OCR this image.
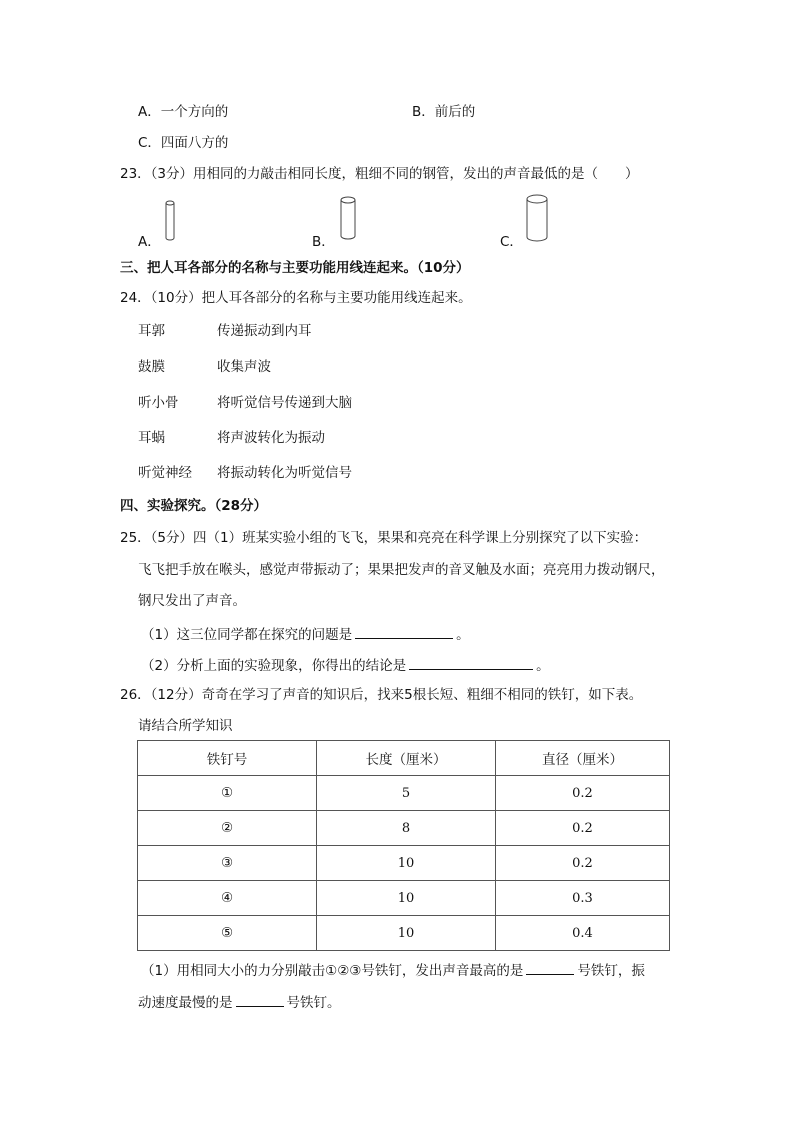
A．一个方向的	B．前后的
C．四面八方的
23．（3分）用相同的力敲击相同长度，粗细不同的钢管，发出的声音最低的是（　　）
A．	B．	C．
三、把人耳各部分的名称与主要功能用线连起来。（10分）
24．（10分）把人耳各部分的名称与主要功能用线连起来。
耳郭	传递振动到内耳
鼓膜	收集声波
听小骨	将听觉信号传递到大脑
耳蜗	将声波转化为振动
听觉神经 将振动转化为听觉信号
四、实验探究。（28分）
25．（5分）四（1）班某实验小组的飞飞，果果和亮亮在科学课上分别探究了以下实验：
飞飞把手放在喉头，感觉声带振动了；果果把发声的音叉触及水面；亮亮用力拨动钢尺，
钢尺发出了声音。
（1）这三位同学都在探究的问题是	。
（2）分析上面的实验现象，你得出的结论是	。
26．（12分）奇奇在学习了声音的知识后，找来5根长短、粗细不相同的铁钉，如下表。
请结合所学知识
铁钉号	长度（厘米）	直径（厘米）
①	5	0.2
②	8	0.2
③	10	0.2
④	10	0.3
⑤	10	0.4
（1）用相同大小的力分别敲击①②③号铁钉，发出声音最高的是	号铁钉，振
动速度最慢的是	号铁钉。
